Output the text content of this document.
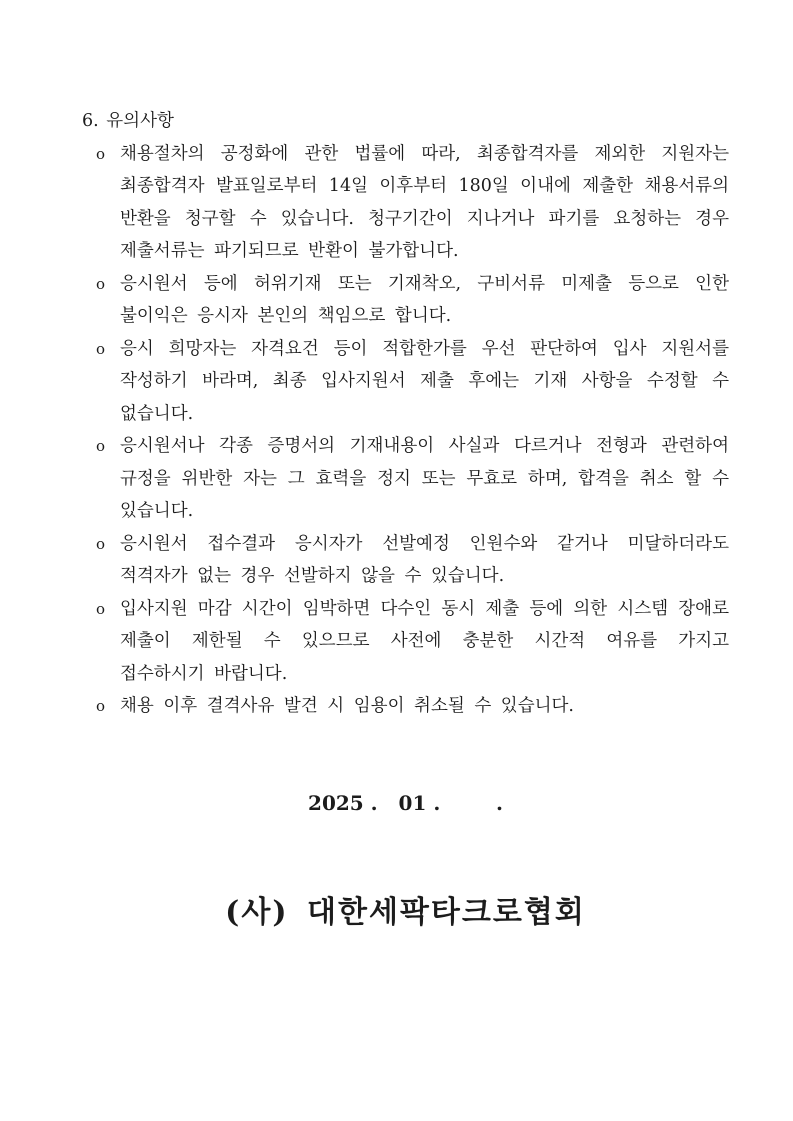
6. 유의사항
o 채용절차의 공정화에 관한 법률에 따라, 최종합격자를 제외한 지원자는 최종합격자 발표일로부터 14일 이후부터 180일 이내에 제출한 채용서류의 반환을 청구할 수 있습니다. 청구기간이 지나거나 파기를 요청하는 경우 제출서류는 파기되므로 반환이 불가합니다.
o 응시원서 등에 허위기재 또는 기재착오, 구비서류 미제출 등으로 인한 불이익은 응시자 본인의 책임으로 합니다.
o 응시 희망자는 자격요건 등이 적합한가를 우선 판단하여 입사 지원서를 작성하기 바라며, 최종 입사지원서 제출 후에는 기재 사항을 수정할 수 없습니다.
o 응시원서나 각종 증명서의 기재내용이 사실과 다르거나 전형과 관련하여 규정을 위반한 자는 그 효력을 정지 또는 무효로 하며, 합격을 취소 할 수 있습니다.
o 응시원서 접수결과 응시자가 선발예정 인원수와 같거나 미달하더라도 적격자가 없는 경우 선발하지 않을 수 있습니다.
o 입사지원 마감 시간이 임박하면 다수인 동시 제출 등에 의한 시스템 장애로 제출이 제한될 수 있으므로 사전에 충분한 시간적 여유를 가지고 접수하시기 바랍니다.
o 채용 이후 결격사유 발견 시 임용이 취소될 수 있습니다.
2025 .   01 .        .
(사) 대한세팍타크로협회
